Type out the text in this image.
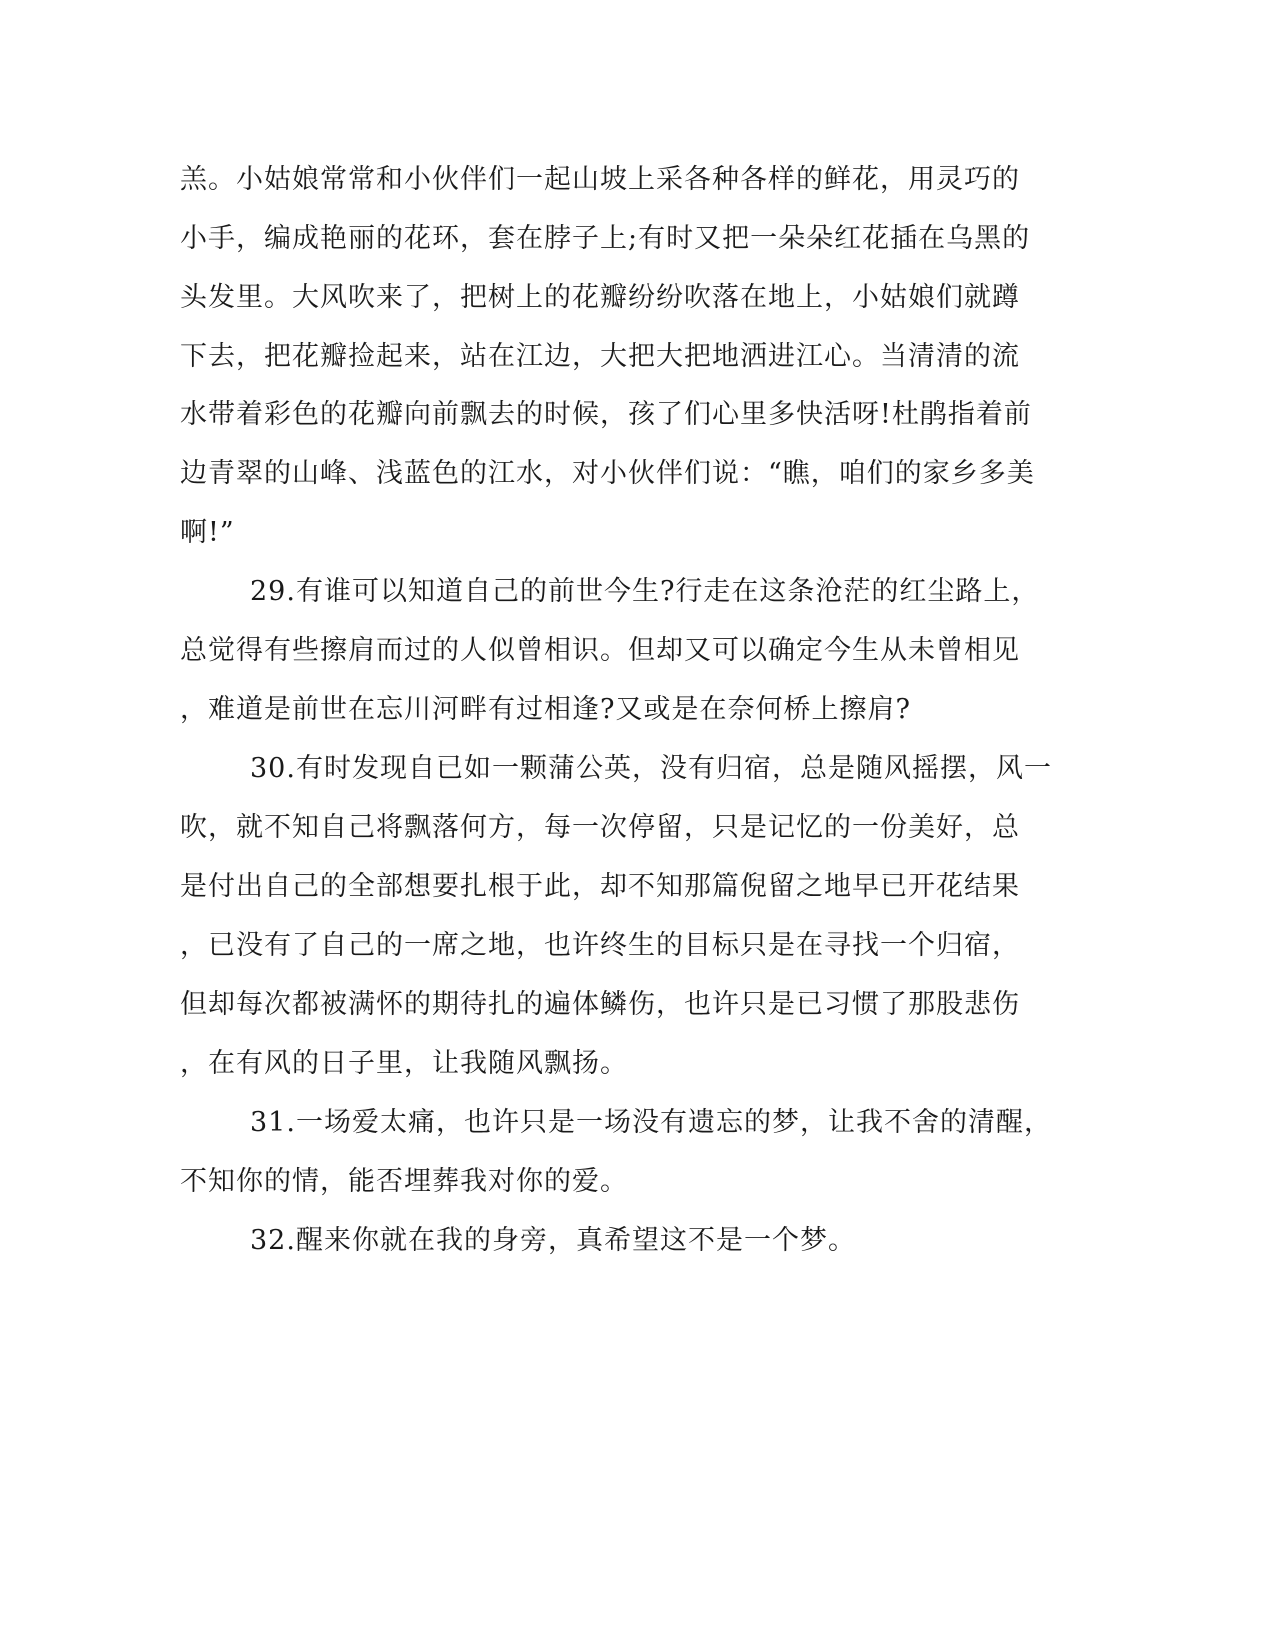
羔。小姑娘常常和小伙伴们一起山坡上采各种各样的鲜花，用灵巧的
小手，编成艳丽的花环，套在脖子上;有时又把一朵朵红花插在乌黑的
头发里。大风吹来了，把树上的花瓣纷纷吹落在地上，小姑娘们就蹲
下去，把花瓣捡起来，站在江边，大把大把地洒进江心。当清清的流
水带着彩色的花瓣向前飘去的时候，孩了们心里多快活呀!杜鹃指着前
边青翠的山峰、浅蓝色的江水，对小伙伴们说：“瞧，咱们的家乡多美
啊!”
29.有谁可以知道自己的前世今生?行走在这条沧茫的红尘路上，
总觉得有些擦肩而过的人似曾相识。但却又可以确定今生从未曾相见
，难道是前世在忘川河畔有过相逢?又或是在奈何桥上擦肩?
30.有时发现自已如一颗蒲公英，没有归宿，总是随风摇摆，风一
吹，就不知自己将飘落何方，每一次停留，只是记忆的一份美好，总
是付出自己的全部想要扎根于此，却不知那篇倪留之地早已开花结果
，已没有了自己的一席之地，也许终生的目标只是在寻找一个归宿，
但却每次都被满怀的期待扎的遍体鳞伤，也许只是已习惯了那股悲伤
，在有风的日子里，让我随风飘扬。
31.一场爱太痛，也许只是一场没有遗忘的梦，让我不舍的清醒，
不知你的情，能否埋葬我对你的爱。
32.醒来你就在我的身旁，真希望这不是一个梦。
